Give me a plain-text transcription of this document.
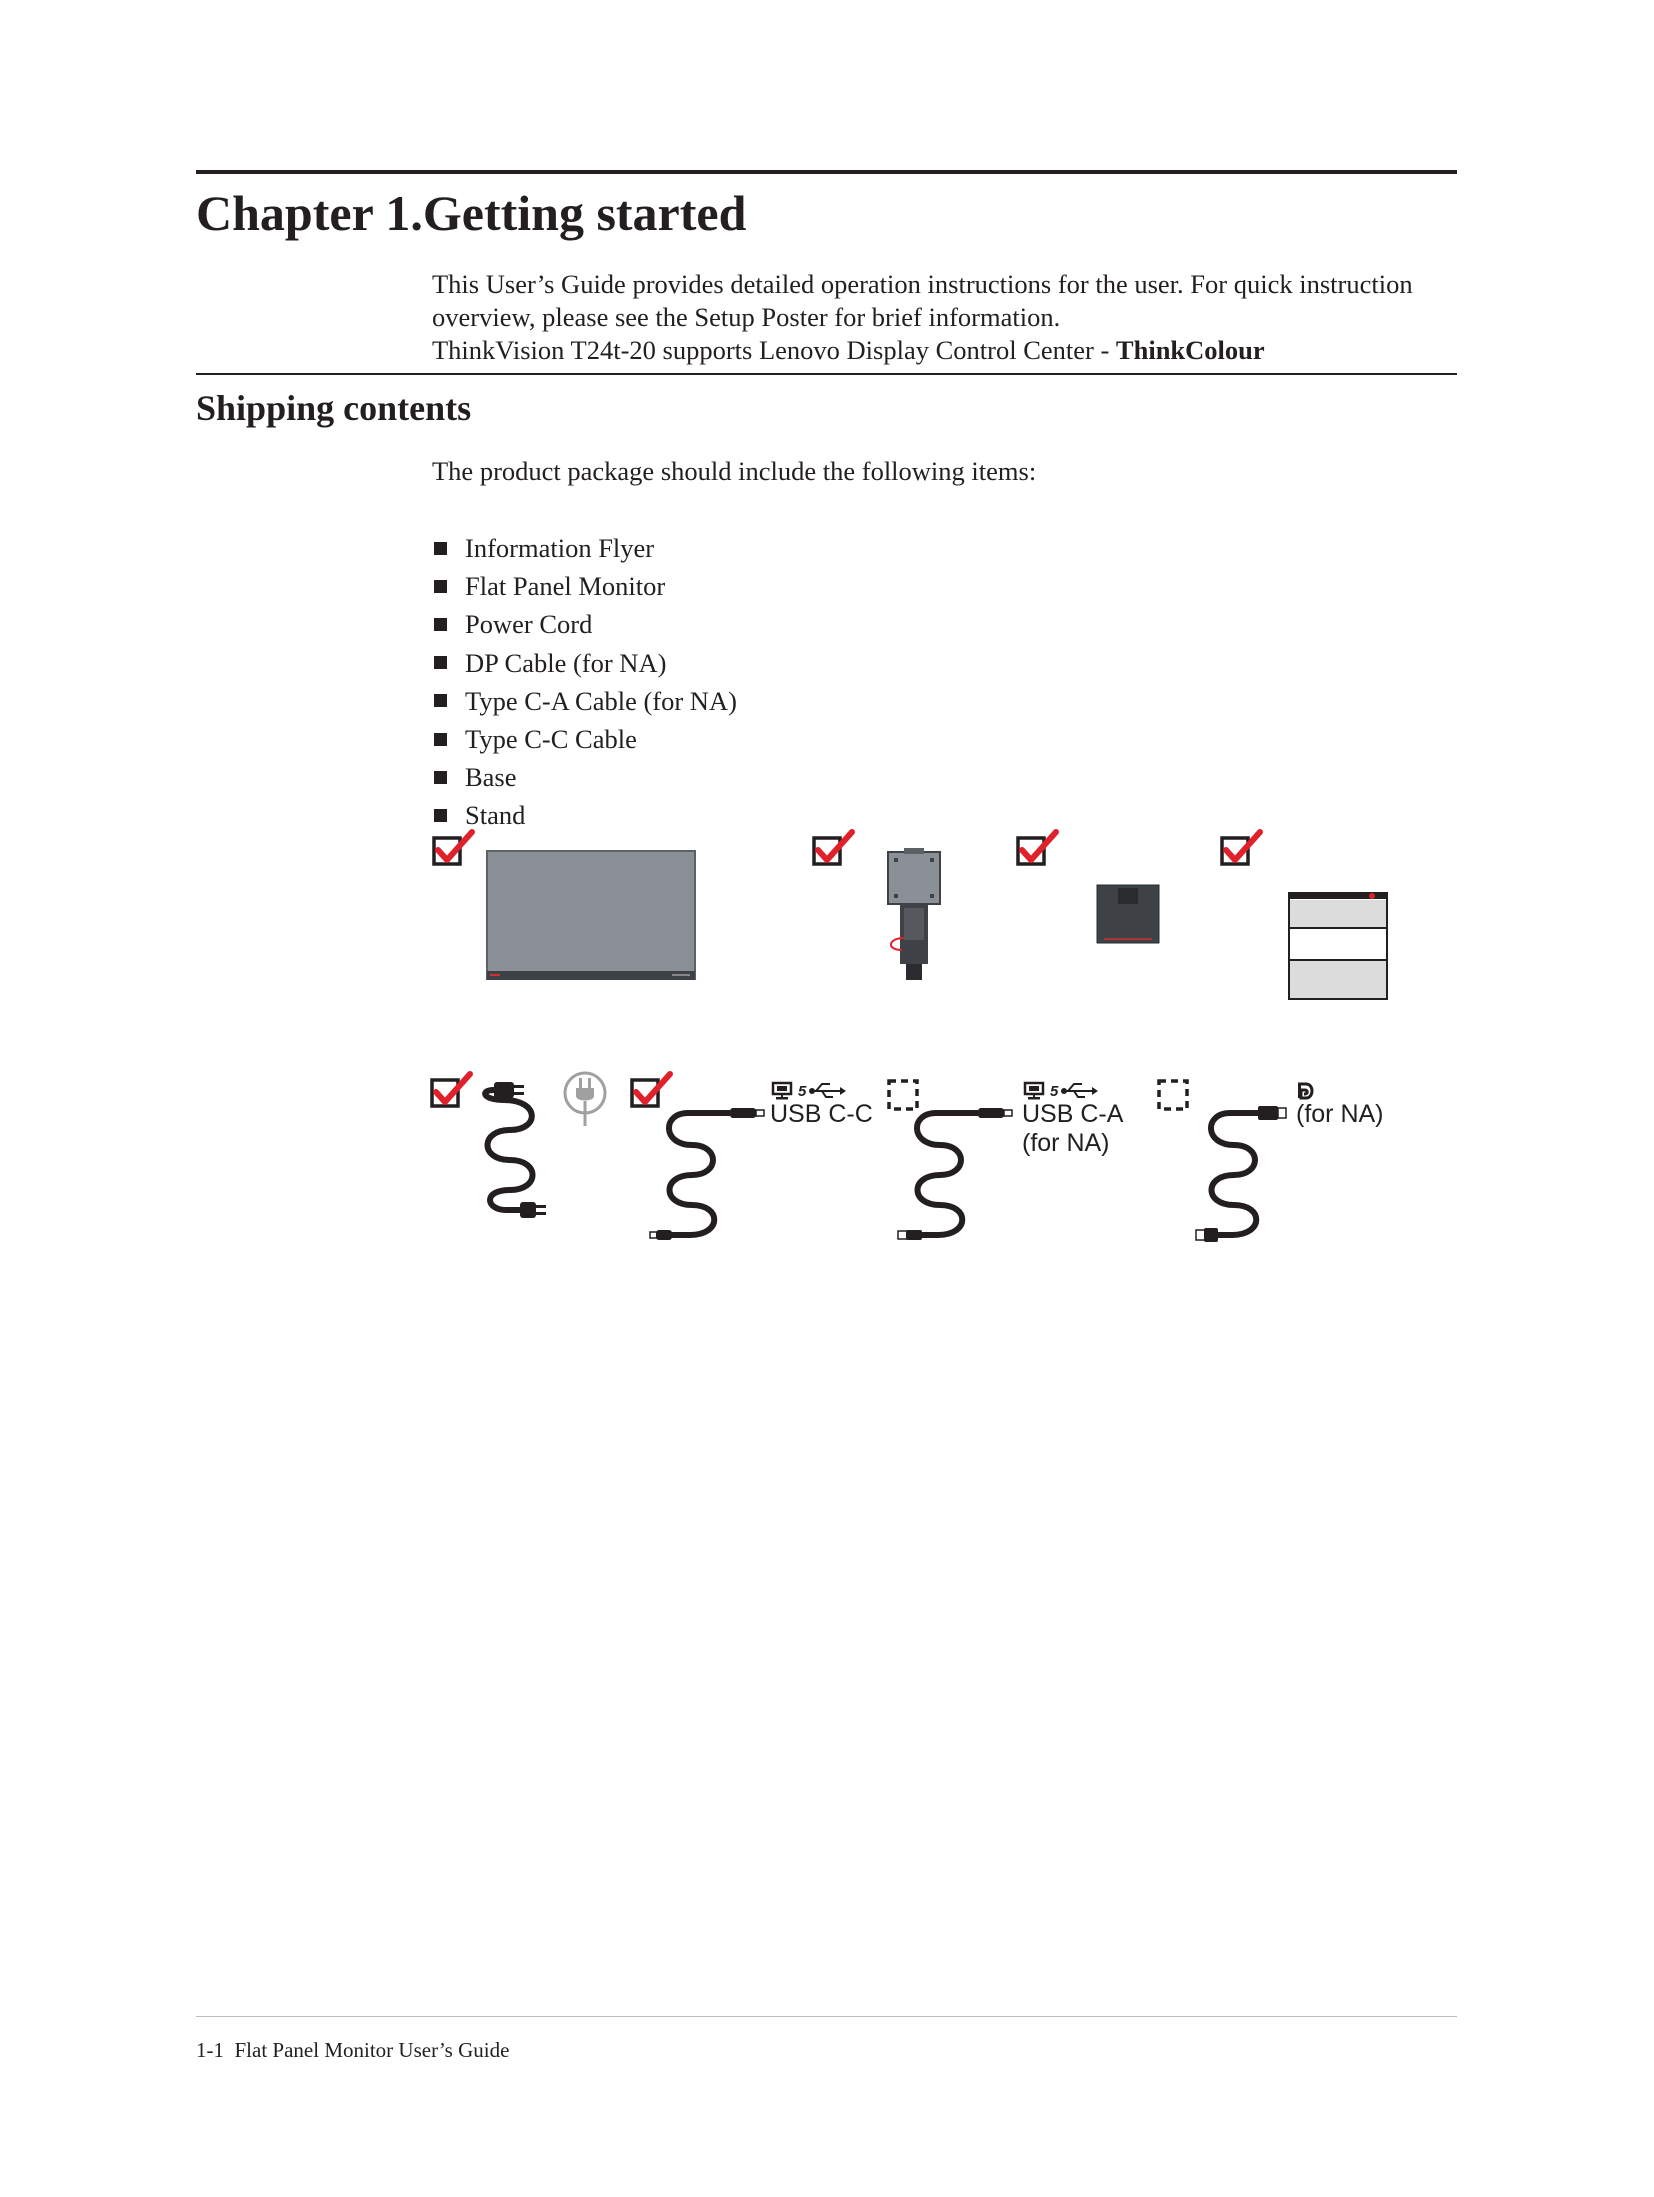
Chapter 1.Getting started

This User’s Guide provides detailed operation instructions for the user. For quick instruction

overview, please see the Setup Poster for brief information.

ThinkVision T24t-20 supports Lenovo Display Control Center - ThinkColour

Shipping contents
The product package should include the following items:
Information Flyer
Flat Panel Monitor
Power Cord
DP Cable (for NA)
Type C-A Cable (for NA)
Type C-C Cable
Base
Stand
5
USB C-C
5
USB C-A
(for NA)
(for NA)
1-1 Flat Panel Monitor User’s Guide
